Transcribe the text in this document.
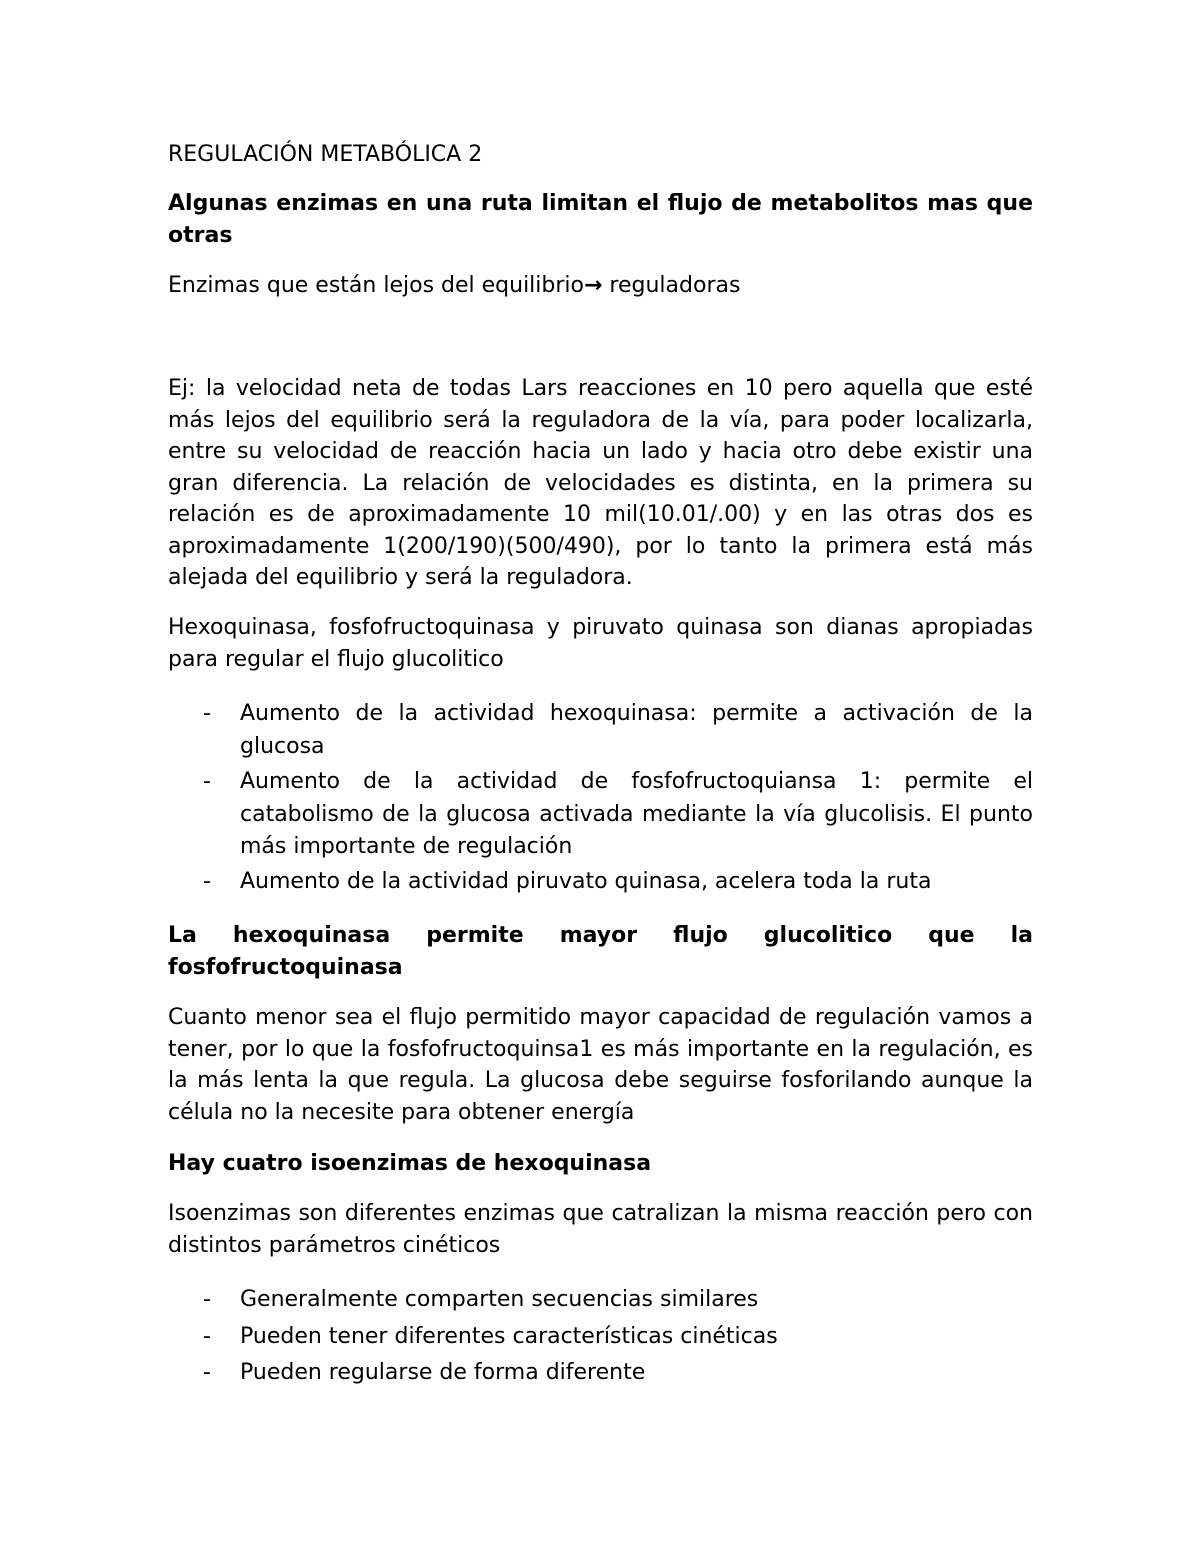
REGULACIÓN METABÓLICA 2

Algunas enzimas en una ruta limitan el flujo de metabolitos mas que otras

Enzimas que están lejos del equilibrio→ reguladoras

Ej: la velocidad neta de todas Lars reacciones en 10 pero aquella que esté más lejos del equilibrio será la reguladora de la vía, para poder localizarla, entre su velocidad de reacción hacia un lado y hacia otro debe existir una gran diferencia. La relación de velocidades es distinta, en la primera su relación es de aproximadamente 10 mil(10.01/.00) y en las otras dos es aproximadamente 1(200/190)(500/490), por lo tanto la primera está más alejada del equilibrio y será la reguladora.

Hexoquinasa, fosfofructoquinasa y piruvato quinasa son dianas apropiadas para regular el flujo glucolitico

- Aumento de la actividad hexoquinasa: permite a activación de la glucosa
- Aumento de la actividad de fosfofructoquiansa 1: permite el catabolismo de la glucosa activada mediante la vía glucolisis. El punto más importante de regulación
- Aumento de la actividad piruvato quinasa, acelera toda la ruta

La hexoquinasa permite mayor flujo glucolitico que la fosfofructoquinasa

Cuanto menor sea el flujo permitido mayor capacidad de regulación vamos a tener, por lo que la fosfofructoquinsa1 es más importante en la regulación, es la más lenta la que regula. La glucosa debe seguirse fosforilando aunque la célula no la necesite para obtener energía

Hay cuatro isoenzimas de hexoquinasa

Isoenzimas son diferentes enzimas que catralizan la misma reacción pero con distintos parámetros cinéticos

- Generalmente comparten secuencias similares
- Pueden tener diferentes características cinéticas
- Pueden regularse de forma diferente
